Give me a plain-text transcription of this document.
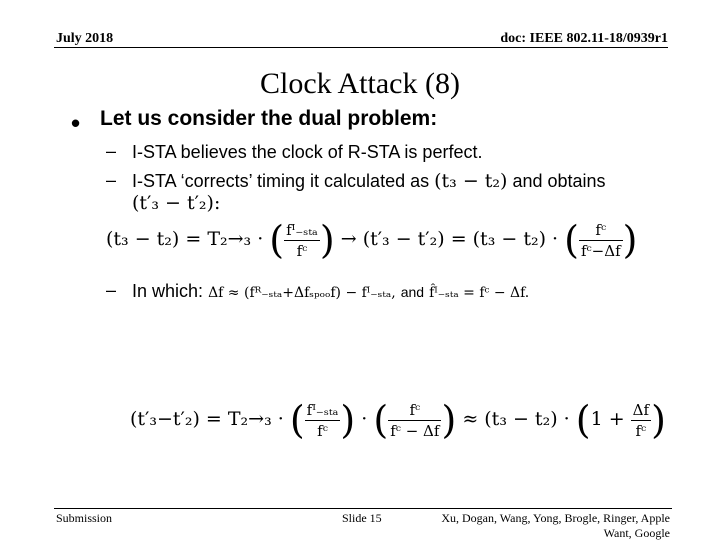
July 2018	doc: IEEE 802.11-18/0939r1
Clock Attack (8)
• Let us consider the dual problem:
– I-STA believes the clock of R-STA is perfect.
– I-STA ‘corrects’ timing it calculated as (t₃ − t₂) and obtains
(t′₃ − t′₂):
(t₃ − t₂) = T₂→₃ · ( $\frac{\text{fᴵ₋ₛₜₐ}}{\text{fᶜ}}$ ) → (t′₃ − t′₂) = (t₃ − t₂) · ( $\frac{\text{fᶜ}}{\text{fᶜ−Δf}}$ )
– In which: Δf ≈ (fᴿ₋ₛₜₐ+Δfₛₚₒₒf) − fᴵ₋ₛₜₐ, and f̂ᴵ₋ₛₜₐ = fᶜ − Δf.
(t′₃−t′₂) = T₂→₃ · ( $\frac{\text{fᴵ₋ₛₜₐ}}{\text{fᶜ}}$ ) · ( $\frac{\text{fᶜ}}{\text{fᶜ − Δf}}$ ) ≈ $(t_3 - t_2) \cdot (1 + \frac{\Delta f}{\text{fᶜ}}$ )
Submission	Slide 15	Xu, Dogan, Wang, Yong, Brogle, Ringer, Apple
Want, Google
